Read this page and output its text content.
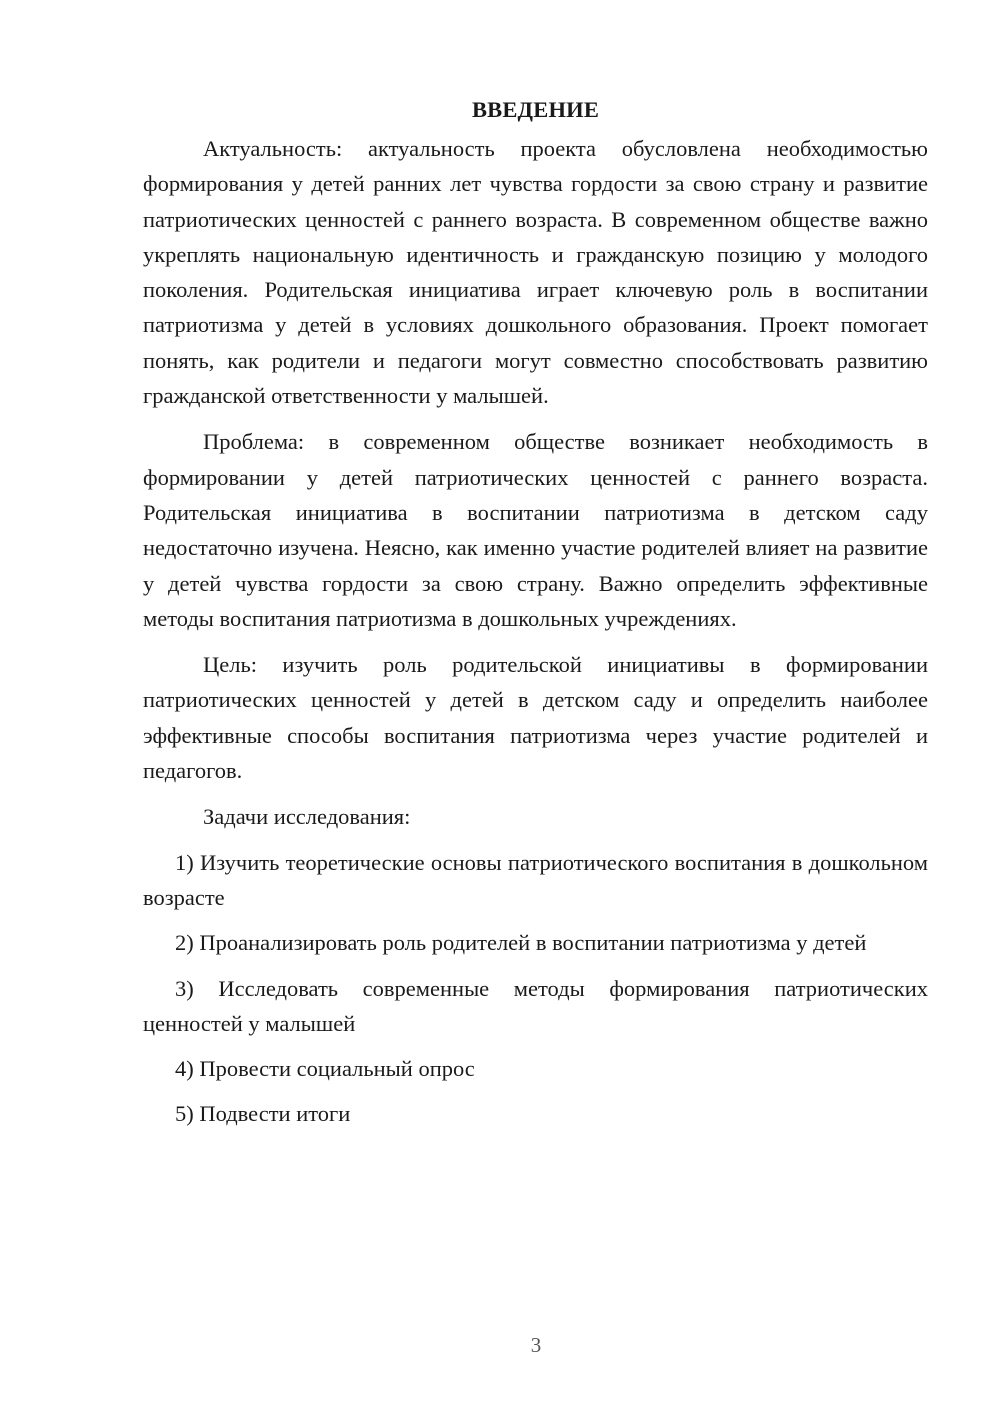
ВВЕДЕНИЕ

Актуальность: актуальность проекта обусловлена необходимостью формирования у детей ранних лет чувства гордости за свою страну и развитие патриотических ценностей с раннего возраста. В современном обществе важно укреплять национальную идентичность и гражданскую позицию у молодого поколения. Родительская инициатива играет ключевую роль в воспитании патриотизма у детей в условиях дошкольного образования. Проект помогает понять, как родители и педагоги могут совместно способствовать развитию гражданской ответственности у малышей.

Проблема: в современном обществе возникает необходимость в формировании у детей патриотических ценностей с раннего возраста. Родительская инициатива в воспитании патриотизма в детском саду недостаточно изучена. Неясно, как именно участие родителей влияет на развитие у детей чувства гордости за свою страну. Важно определить эффективные методы воспитания патриотизма в дошкольных учреждениях.

Цель: изучить роль родительской инициативы в формировании патриотических ценностей у детей в детском саду и определить наиболее эффективные способы воспитания патриотизма через участие родителей и педагогов.

Задачи исследования:

1) Изучить теоретические основы патриотического воспитания в дошкольном возрасте

2) Проанализировать роль родителей в воспитании патриотизма у детей

3) Исследовать современные методы формирования патриотических ценностей у малышей

4) Провести социальный опрос

5) Подвести итоги

3
